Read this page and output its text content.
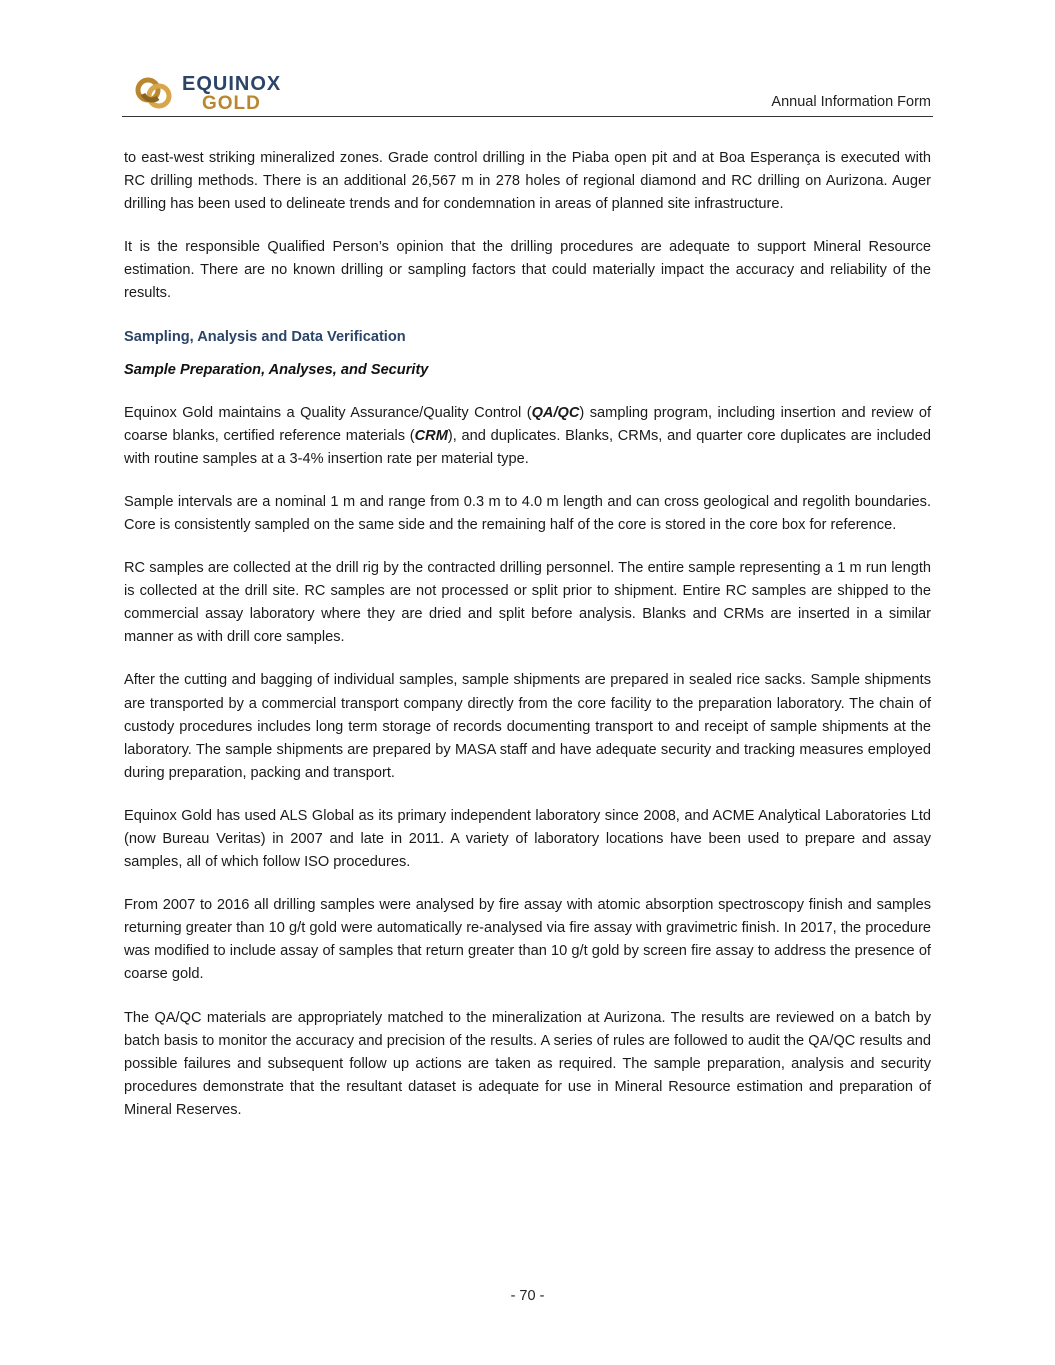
EQUINOX
GOLD	Annual Information Form

to east-west striking mineralized zones. Grade control drilling in the Piaba open pit and at Boa Esperança is executed with RC drilling methods. There is an additional 26,567 m in 278 holes of regional diamond and RC drilling on Aurizona. Auger drilling has been used to delineate trends and for condemnation in areas of planned site infrastructure.

It is the responsible Qualified Person’s opinion that the drilling procedures are adequate to support Mineral Resource estimation. There are no known drilling or sampling factors that could materially impact the accuracy and reliability of the results.

Sampling, Analysis and Data Verification
Sample Preparation, Analyses, and Security

Equinox Gold maintains a Quality Assurance/Quality Control (QA/QC) sampling program, including insertion and review of coarse blanks, certified reference materials (CRM), and duplicates. Blanks, CRMs, and quarter core duplicates are included with routine samples at a 3-4% insertion rate per material type.

Sample intervals are a nominal 1 m and range from 0.3 m to 4.0 m length and can cross geological and regolith boundaries. Core is consistently sampled on the same side and the remaining half of the core is stored in the core box for reference.

RC samples are collected at the drill rig by the contracted drilling personnel. The entire sample representing a 1 m run length is collected at the drill site. RC samples are not processed or split prior to shipment. Entire RC samples are shipped to the commercial assay laboratory where they are dried and split before analysis. Blanks and CRMs are inserted in a similar manner as with drill core samples.

After the cutting and bagging of individual samples, sample shipments are prepared in sealed rice sacks. Sample shipments are transported by a commercial transport company directly from the core facility to the preparation laboratory. The chain of custody procedures includes long term storage of records documenting transport to and receipt of sample shipments at the laboratory. The sample shipments are prepared by MASA staff and have adequate security and tracking measures employed during preparation, packing and transport.

Equinox Gold has used ALS Global as its primary independent laboratory since 2008, and ACME Analytical Laboratories Ltd (now Bureau Veritas) in 2007 and late in 2011. A variety of laboratory locations have been used to prepare and assay samples, all of which follow ISO procedures.

From 2007 to 2016 all drilling samples were analysed by fire assay with atomic absorption spectroscopy finish and samples returning greater than 10 g/t gold were automatically re-analysed via fire assay with gravimetric finish. In 2017, the procedure was modified to include assay of samples that return greater than 10 g/t gold by screen fire assay to address the presence of coarse gold.

The QA/QC materials are appropriately matched to the mineralization at Aurizona. The results are reviewed on a batch by batch basis to monitor the accuracy and precision of the results. A series of rules are followed to audit the QA/QC results and possible failures and subsequent follow up actions are taken as required. The sample preparation, analysis and security procedures demonstrate that the resultant dataset is adequate for use in Mineral Resource estimation and preparation of Mineral Reserves.

- 70 -
